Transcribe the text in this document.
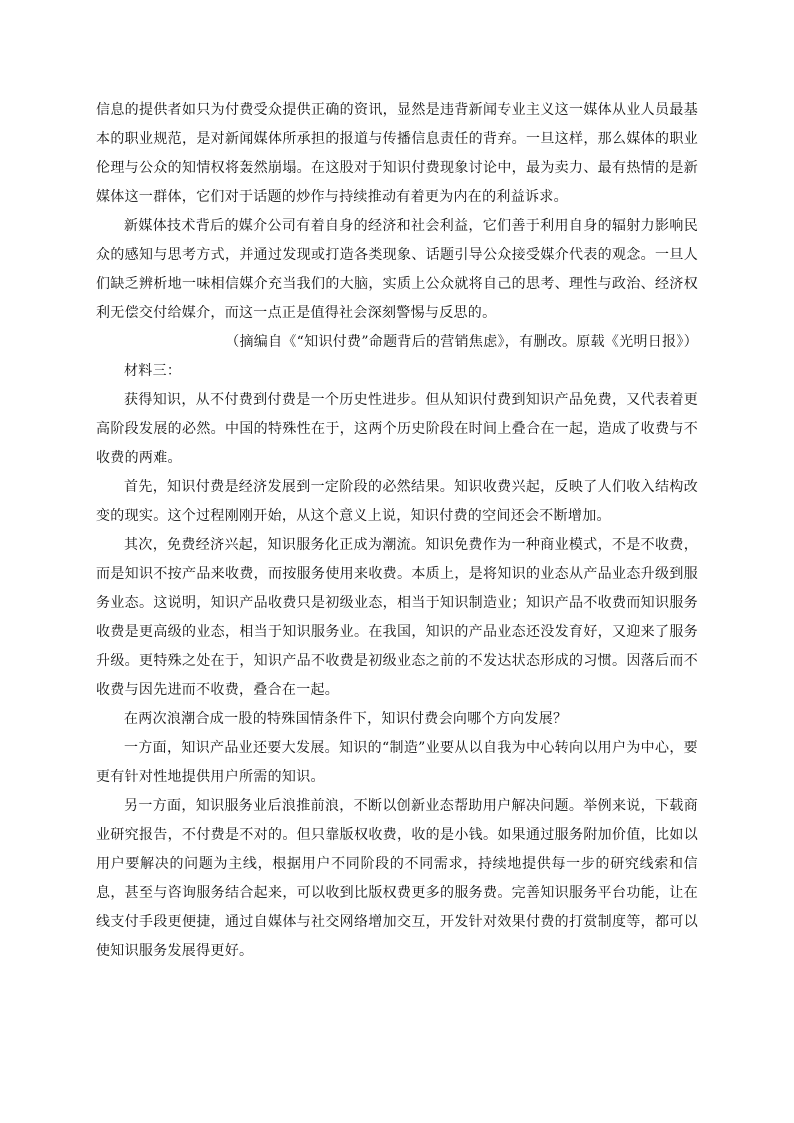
信息的提供者如只为付费受众提供正确的资讯，显然是违背新闻专业主义这一媒体从业人员最基本的职业规范，是对新闻媒体所承担的报道与传播信息责任的背弃。一旦这样，那么媒体的职业伦理与公众的知情权将轰然崩塌。在这股对于知识付费现象讨论中，最为卖力、最有热情的是新媒体这一群体，它们对于话题的炒作与持续推动有着更为内在的利益诉求。

新媒体技术背后的媒介公司有着自身的经济和社会利益，它们善于利用自身的辐射力影响民众的感知与思考方式，并通过发现或打造各类现象、话题引导公众接受媒介代表的观念。一旦人们缺乏辨析地一味相信媒介充当我们的大脑，实质上公众就将自己的思考、理性与政治、经济权利无偿交付给媒介，而这一点正是值得社会深刻警惕与反思的。

（摘编自《“知识付费”命题背后的营销焦虑》，有删改。原载《光明日报》）

材料三：

获得知识，从不付费到付费是一个历史性进步。但从知识付费到知识产品免费，又代表着更高阶段发展的必然。中国的特殊性在于，这两个历史阶段在时间上叠合在一起，造成了收费与不收费的两难。

首先，知识付费是经济发展到一定阶段的必然结果。知识收费兴起，反映了人们收入结构改变的现实。这个过程刚刚开始，从这个意义上说，知识付费的空间还会不断增加。

其次，免费经济兴起，知识服务化正成为潮流。知识免费作为一种商业模式，不是不收费，而是知识不按产品来收费，而按服务使用来收费。本质上，是将知识的业态从产品业态升级到服务业态。这说明，知识产品收费只是初级业态，相当于知识制造业；知识产品不收费而知识服务收费是更高级的业态，相当于知识服务业。在我国，知识的产品业态还没发育好，又迎来了服务升级。更特殊之处在于，知识产品不收费是初级业态之前的不发达状态形成的习惯。因落后而不收费与因先进而不收费，叠合在一起。

在两次浪潮合成一股的特殊国情条件下，知识付费会向哪个方向发展？

一方面，知识产品业还要大发展。知识的“制造”业要从以自我为中心转向以用户为中心，要更有针对性地提供用户所需的知识。

另一方面，知识服务业后浪推前浪，不断以创新业态帮助用户解决问题。举例来说，下载商业研究报告，不付费是不对的。但只靠版权收费，收的是小钱。如果通过服务附加价值，比如以用户要解决的问题为主线，根据用户不同阶段的不同需求，持续地提供每一步的研究线索和信息，甚至与咨询服务结合起来，可以收到比版权费更多的服务费。完善知识服务平台功能，让在线支付手段更便捷，通过自媒体与社交网络增加交互，开发针对效果付费的打赏制度等，都可以使知识服务发展得更好。
